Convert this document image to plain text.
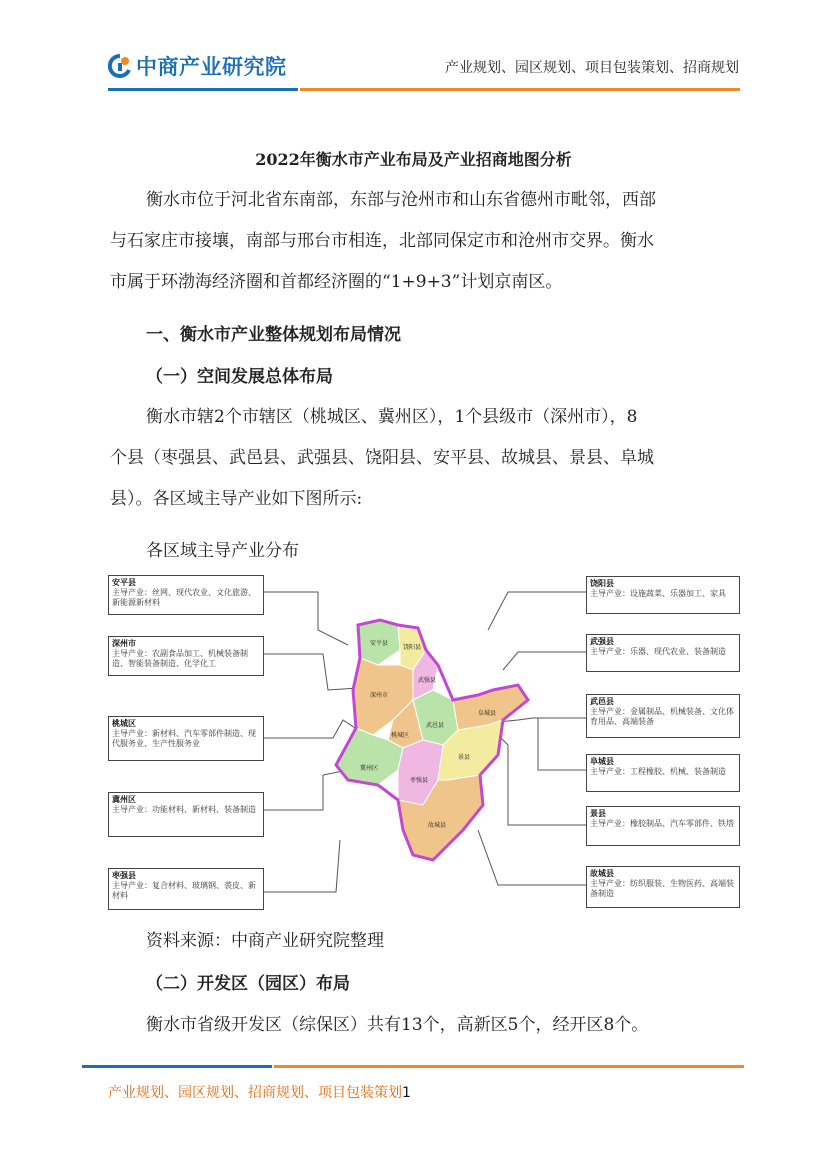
中商产业研究院	产业规划、园区规划、项目包装策划、招商规划
2022年衡水市产业布局及产业招商地图分析
衡水市位于河北省东南部，东部与沧州市和山东省德州市毗邻，西部
与石家庄市接壤，南部与邢台市相连，北部同保定市和沧州市交界。衡水
市属于环渤海经济圈和首都经济圈的“1+9+3”计划京南区。
一、衡水市产业整体规划布局情况
（一）空间发展总体布局
衡水市辖2个市辖区（桃城区、冀州区），1个县级市（深州市），8
个县（枣强县、武邑县、武强县、饶阳县、安平县、故城县、景县、阜城
县）。各区域主导产业如下图所示:
各区域主导产业分布
安平县
饶阳县
深州市
武强县
桃城区
武邑县
阜城县
冀州区
枣强县
景县
故城县
安平县
主导产业：丝网、现代农业、文化旅游、新能源新材料
深州市
主导产业：农副食品加工、机械装备制造、智能装备制造、化学化工
桃城区
主导产业：新材料、汽车零部件制造、现代服务业、生产性服务业
冀州区
主导产业：功能材料、新材料、装备制造
枣强县
主导产业：复合材料、玻璃钢、裘皮、新材料
饶阳县
主导产业：设施蔬菜、乐器加工、家具
武强县
主导产业：乐器、现代农业、装备制造
武邑县
主导产业：金属制品、机械装备、文化体育用品、高端装备
阜城县
主导产业：工程橡胶、机械、装备制造
景县
主导产业：橡胶制品、汽车零部件、铁塔
故城县
主导产业：纺织服装、生物医药、高端装备制造
资料来源：中商产业研究院整理
（二）开发区（园区）布局
衡水市省级开发区（综保区）共有13个，高新区5个，经开区8个。
产业规划、园区规划、招商规划、项目包装策划1
